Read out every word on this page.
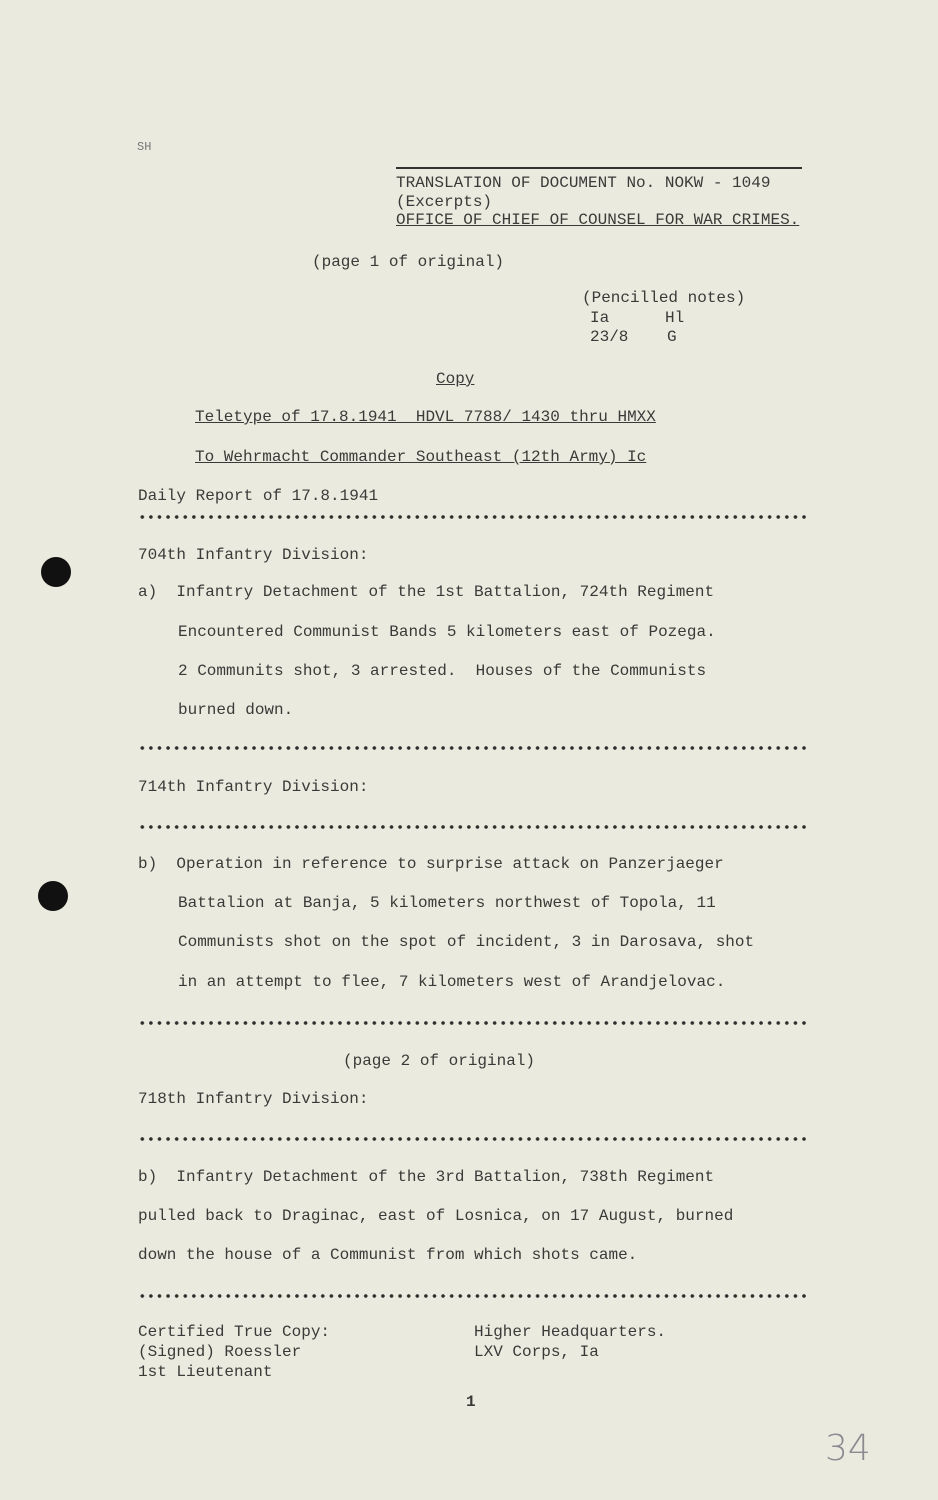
SH
TRANSLATION OF DOCUMENT No. NOKW - 1049
(Excerpts)
OFFICE OF CHIEF OF COUNSEL FOR WAR CRIMES.
(page 1 of original)
(Pencilled notes)
Ia	Hl
23/8 G
Copy
Teletype of 17.8.1941  HDVL 7788/ 1430 thru HMXX
To Wehrmacht Commander Southeast (12th Army) Ic
Daily Report of 17.8.1941
704th Infantry Division:
a)  Infantry Detachment of the 1st Battalion, 724th Regiment
Encountered Communist Bands 5 kilometers east of Pozega.
2 Communits shot, 3 arrested.  Houses of the Communists
burned down.
714th Infantry Division:
b)  Operation in reference to surprise attack on Panzerjaeger
Battalion at Banja, 5 kilometers northwest of Topola, 11
Communists shot on the spot of incident, 3 in Darosava, shot
in an attempt to flee, 7 kilometers west of Arandjelovac.
(page 2 of original)
718th Infantry Division:
b)  Infantry Detachment of the 3rd Battalion, 738th Regiment
pulled back to Draginac, east of Losnica, on 17 August, burned
down the house of a Communist from which shots came.
Certified True Copy:
(Signed) Roessler
1st Lieutenant
Higher Headquarters.
LXV Corps, Ia
1
34
